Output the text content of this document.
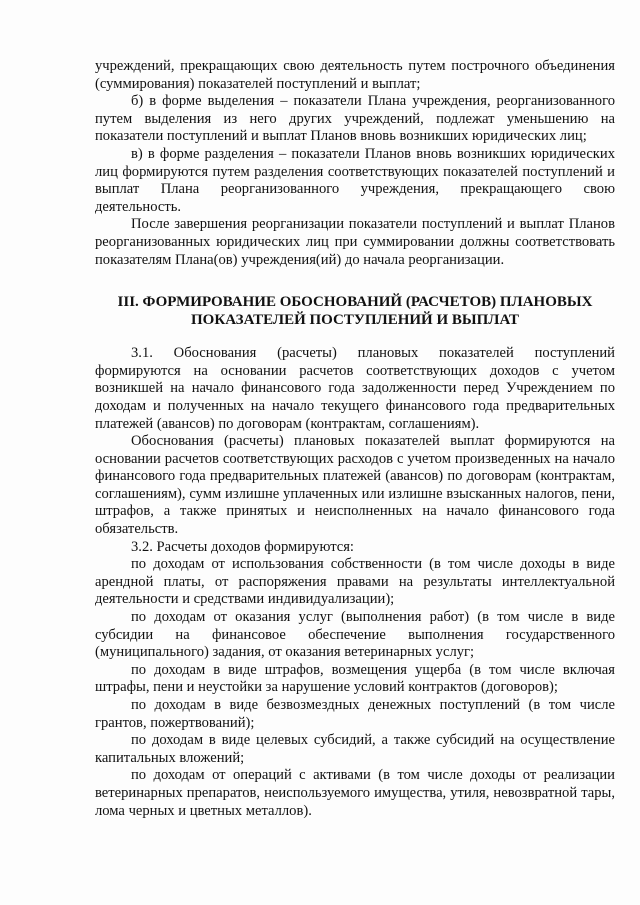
учреждений, прекращающих свою деятельность путем построчного объединения (суммирования) показателей поступлений и выплат;

б) в форме выделения – показатели Плана учреждения, реорганизованного путем выделения из него других учреждений, подлежат уменьшению на показатели поступлений и выплат Планов вновь возникших юридических лиц;

в) в форме разделения – показатели Планов вновь возникших юридических лиц формируются путем разделения соответствующих показателей поступлений и выплат Плана реорганизованного учреждения, прекращающего свою деятельность.

После завершения реорганизации показатели поступлений и выплат Планов реорганизованных юридических лиц при суммировании должны соответствовать показателям Плана(ов) учреждения(ий) до начала реорганизации.

III. ФОРМИРОВАНИЕ ОБОСНОВАНИЙ (РАСЧЕТОВ) ПЛАНОВЫХ ПОКАЗАТЕЛЕЙ ПОСТУПЛЕНИЙ И ВЫПЛАТ

3.1. Обоснования (расчеты) плановых показателей поступлений формируются на основании расчетов соответствующих доходов с учетом возникшей на начало финансового года задолженности перед Учреждением по доходам и полученных на начало текущего финансового года предварительных платежей (авансов) по договорам (контрактам, соглашениям).

Обоснования (расчеты) плановых показателей выплат формируются на основании расчетов соответствующих расходов с учетом произведенных на начало финансового года предварительных платежей (авансов) по договорам (контрактам, соглашениям), сумм излишне уплаченных или излишне взысканных налогов, пени, штрафов, а также принятых и неисполненных на начало финансового года обязательств.

3.2. Расчеты доходов формируются:

по доходам от использования собственности (в том числе доходы в виде арендной платы, от распоряжения правами на результаты интеллектуальной деятельности и средствами индивидуализации);

по доходам от оказания услуг (выполнения работ) (в том числе в виде субсидии на финансовое обеспечение выполнения государственного (муниципального) задания, от оказания ветеринарных услуг;

по доходам в виде штрафов, возмещения ущерба (в том числе включая штрафы, пени и неустойки за нарушение условий контрактов (договоров);

по доходам в виде безвозмездных денежных поступлений (в том числе грантов, пожертвований);

по доходам в виде целевых субсидий, а также субсидий на осуществление капитальных вложений;

по доходам от операций с активами (в том числе доходы от реализации ветеринарных препаратов, неиспользуемого имущества, утиля, невозвратной тары, лома черных и цветных металлов).
